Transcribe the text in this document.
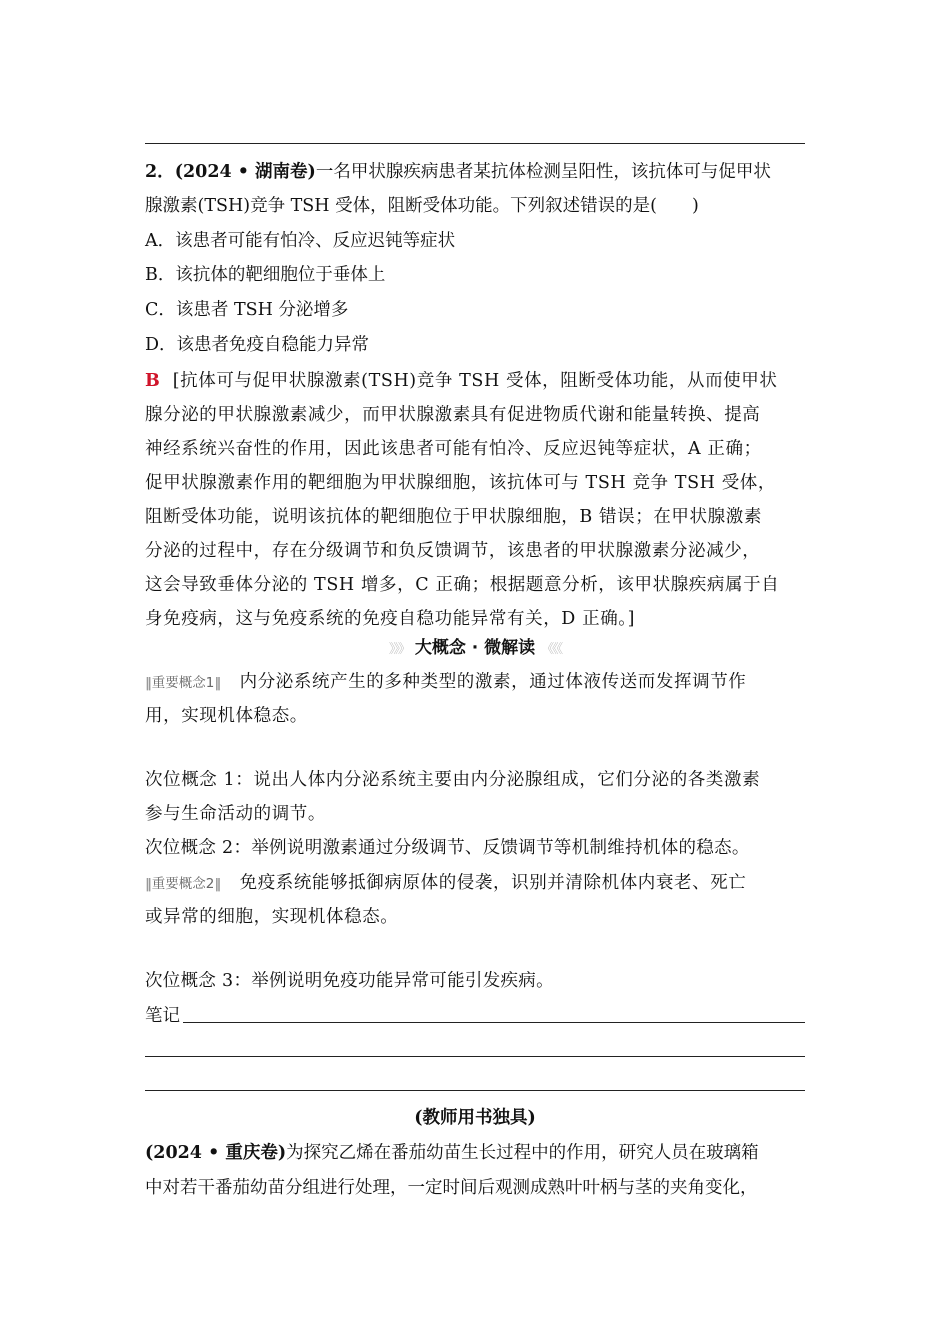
2．(2024 • 湖南卷)一名甲状腺疾病患者某抗体检测呈阳性，该抗体可与促甲状
腺激素(TSH)竞争 TSH 受体，阻断受体功能。下列叙述错误的是(　　)
A．该患者可能有怕冷、反应迟钝等症状
B．该抗体的靶细胞位于垂体上
C．该患者 TSH 分泌增多
D．该患者免疫自稳能力异常
B [抗体可与促甲状腺激素(TSH)竞争 TSH 受体，阻断受体功能，从而使甲状
腺分泌的甲状腺激素减少，而甲状腺激素具有促进物质代谢和能量转换、提高
神经系统兴奋性的作用，因此该患者可能有怕冷、反应迟钝等症状，A 正确；
促甲状腺激素作用的靶细胞为甲状腺细胞，该抗体可与 TSH 竞争 TSH 受体，
阻断受体功能，说明该抗体的靶细胞位于甲状腺细胞，B 错误；在甲状腺激素
分泌的过程中，存在分级调节和负反馈调节，该患者的甲状腺激素分泌减少，
这会导致垂体分泌的 TSH 增多，C 正确；根据题意分析，该甲状腺疾病属于自
身免疫病，这与免疫系统的免疫自稳功能异常有关，D 正确。]
》》》 大概念 · 微解读 《《《
‖重要概念1‖ 内分泌系统产生的多种类型的激素，通过体液传送而发挥调节作
用，实现机体稳态。
次位概念 1：说出人体内分泌系统主要由内分泌腺组成，它们分泌的各类激素
参与生命活动的调节。
次位概念 2：举例说明激素通过分级调节、反馈调节等机制维持机体的稳态。
‖重要概念2‖ 免疫系统能够抵御病原体的侵袭，识别并清除机体内衰老、死亡
或异常的细胞，实现机体稳态。
次位概念 3：举例说明免疫功能异常可能引发疾病。
笔记
(教师用书独具)
(2024 • 重庆卷)为探究乙烯在番茄幼苗生长过程中的作用，研究人员在玻璃箱
中对若干番茄幼苗分组进行处理，一定时间后观测成熟叶叶柄与茎的夹角变化，
